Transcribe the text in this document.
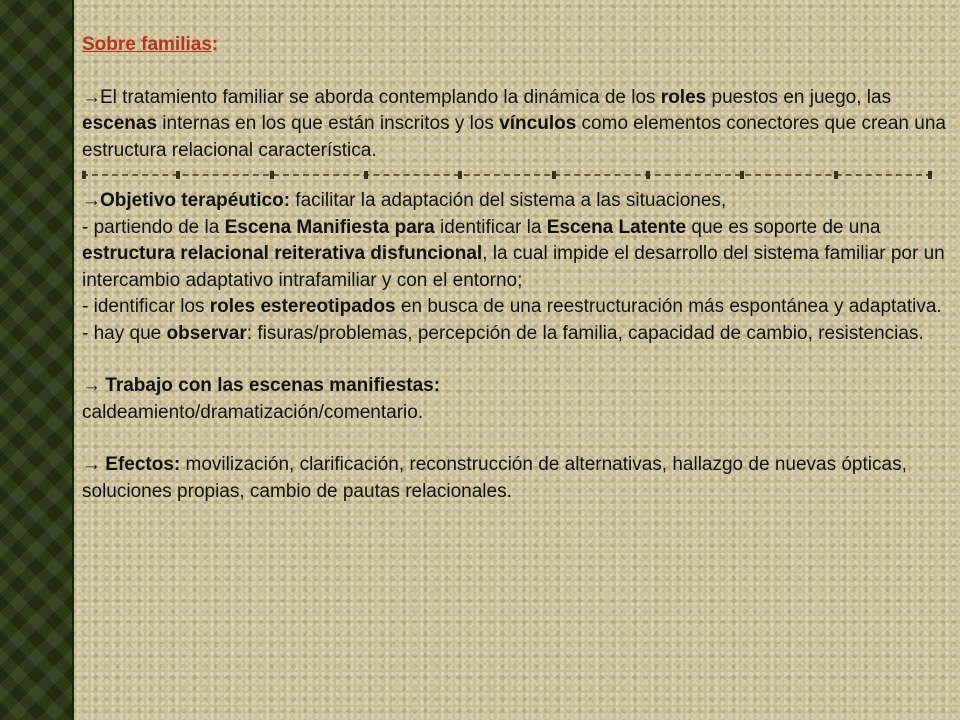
Sobre familias:

→El tratamiento familiar se aborda contemplando la dinámica de los roles puestos en juego, las escenas internas en los que están inscritos y los vínculos como elementos conectores que crean una estructura relacional característica.

→Objetivo terapéutico: facilitar la adaptación del sistema a las situaciones,
- partiendo de la Escena Manifiesta para identificar la Escena Latente que es soporte de una estructura relacional reiterativa disfuncional, la cual impide el desarrollo del sistema familiar por un intercambio adaptativo intrafamiliar y con el entorno;
- identificar los roles estereotipados en busca de una reestructuración más espontánea y adaptativa.
- hay que observar: fisuras/problemas, percepción de la familia, capacidad de cambio, resistencias.

→ Trabajo con las escenas manifiestas:
caldeamiento/dramatización/comentario.

→ Efectos: movilización, clarificación, reconstrucción de alternativas, hallazgo de nuevas ópticas, soluciones propias, cambio de pautas relacionales.
